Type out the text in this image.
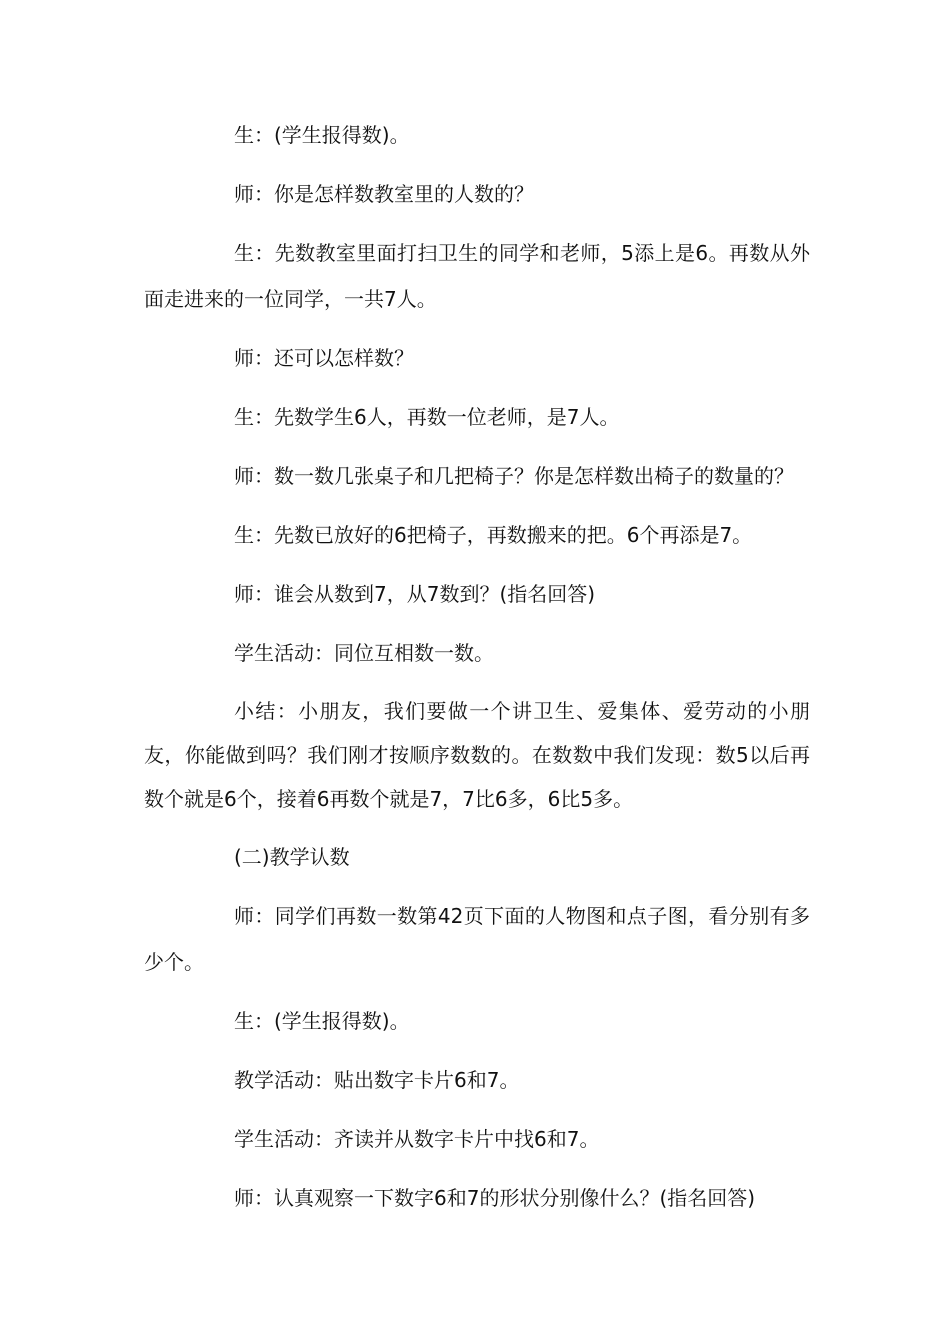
生：(学生报得数)。

师：你是怎样数教室里的人数的？

生：先数教室里面打扫卫生的同学和老师，5添上是6。再数从外面走进来的一位同学，一共7人。

师：还可以怎样数？

生：先数学生6人，再数一位老师，是7人。

师：数一数几张桌子和几把椅子？你是怎样数出椅子的数量的？

生：先数已放好的6把椅子，再数搬来的把。6个再添是7。

师：谁会从数到7，从7数到？(指名回答)

学生活动：同位互相数一数。

小结：小朋友，我们要做一个讲卫生、爱集体、爱劳动的小朋友，你能做到吗？我们刚才按顺序数数的。在数数中我们发现：数5以后再数个就是6个，接着6再数个就是7，7比6多，6比5多。

(二)教学认数

师：同学们再数一数第42页下面的人物图和点子图，看分别有多少个。

生：(学生报得数)。

教学活动：贴出数字卡片6和7。

学生活动：齐读并从数字卡片中找6和7。

师：认真观察一下数字6和7的形状分别像什么？(指名回答)
